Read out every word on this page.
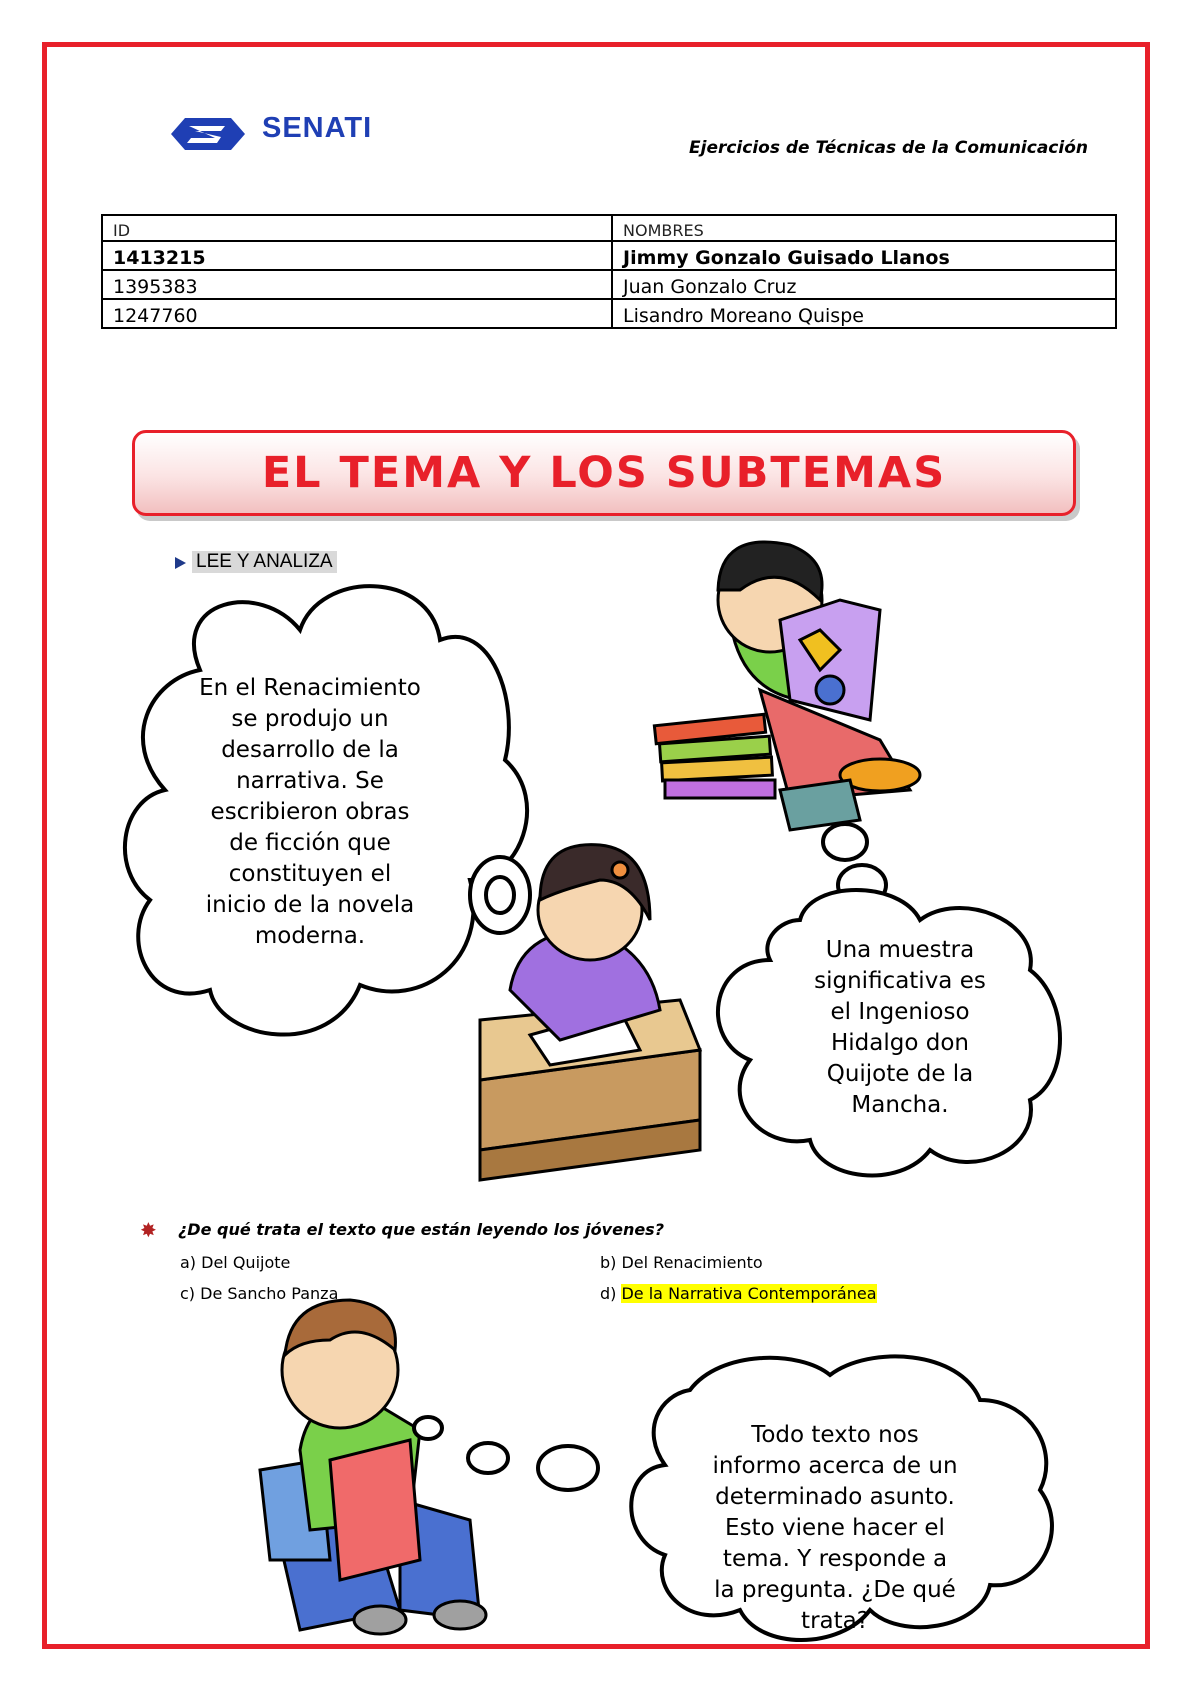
SENATI
Ejercicios de Técnicas de la Comunicación
ID	NOMBRES
1413215	Jimmy Gonzalo Guisado Llanos
1395383	Juan Gonzalo Cruz
1247760	Lisandro Moreano Quispe
EL TEMA Y LOS SUBTEMAS
LEE Y ANALIZA
En el Renacimiento
se produjo un
desarrollo de la
narrativa. Se
escribieron obras
de ficción que
constituyen el
inicio de la novela
moderna.
Una muestra
significativa es
el Ingenioso
Hidalgo don
Quijote de la
Mancha.
Todo texto nos
informo acerca de un
determinado asunto.
Esto viene hacer el
tema. Y responde a
la pregunta. ¿De qué
trata?
✸ ¿De qué trata el texto que están leyendo los jóvenes?
a) Del Quijote	b) Del Renacimiento
c) De Sancho Panza	d) De la Narrativa Contemporánea
